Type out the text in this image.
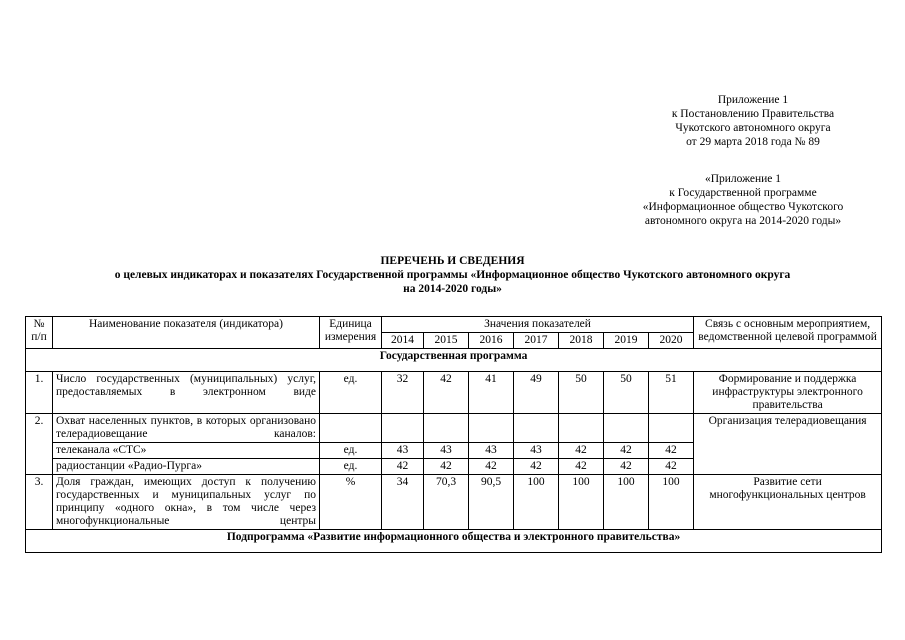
Приложение 1
к Постановлению Правительства
Чукотского автономного округа
от 29 марта 2018 года № 89
«Приложение 1
к Государственной программе
«Информационное общество Чукотского
автономного округа на 2014-2020 годы»
ПЕРЕЧЕНЬ И СВЕДЕНИЯ
о целевых индикаторах и показателях Государственной программы «Информационное общество Чукотского автономного округа
на 2014-2020 годы»
№ п/п	Наименование показателя (индикатора)	Единица измерения	Значения показателей							Связь с основным мероприятием, ведомственной целевой программой
			2014	2015	2016	2017	2018	2019	2020	
Государственная программа										
1.	Число государственных (муниципальных) услуг, предоставляемых в электронном виде	ед.	32	42	41	49	50	50	51	Формирование и поддержка инфраструктуры электронного правительства
2.	Охват населенных пунктов, в которых организовано телерадиовещание каналов:									Организация телерадиовещания
	телеканала «СТС»	ед.	43	43	43	43	42	42	42	
	радиостанции «Радио-Пурга»	ед.	42	42	42	42	42	42	42	
3.	Доля граждан, имеющих доступ к получению государственных и муниципальных услуг по принципу «одного окна», в том числе через многофункциональные центры	%	34	70,3	90,5	100	100	100	100	Развитие сети многофункциональных центров
Подпрограмма «Развитие информационного общества и электронного правительства»										
